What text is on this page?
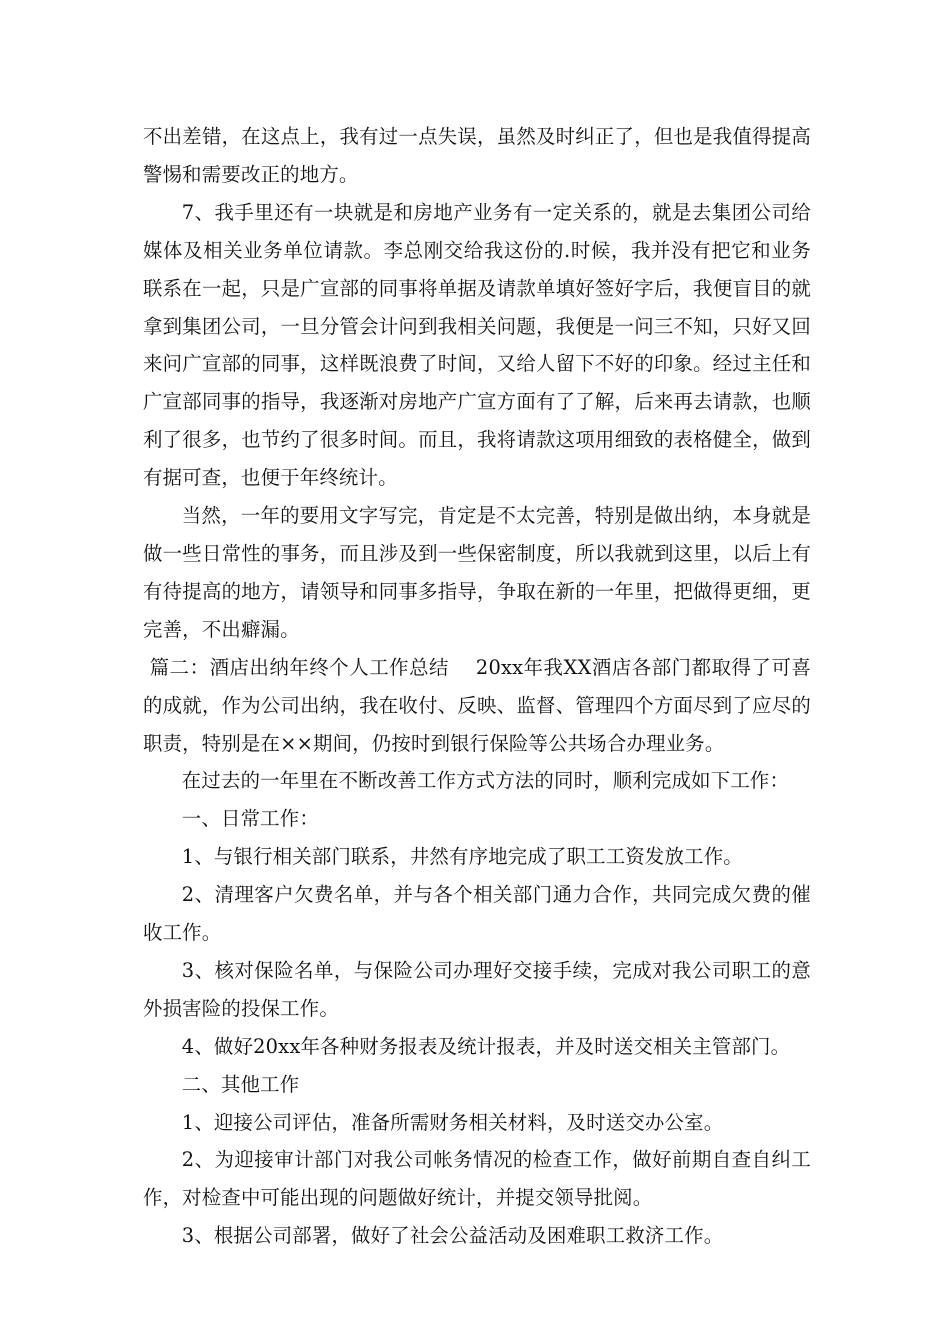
不出差错，在这点上，我有过一点失误，虽然及时纠正了，但也是我值得提高警惕和需要改正的地方。

7、我手里还有一块就是和房地产业务有一定关系的，就是去集团公司给媒体及相关业务单位请款。李总刚交给我这份的.时候，我并没有把它和业务联系在一起，只是广宣部的同事将单据及请款单填好签好字后，我便盲目的就拿到集团公司，一旦分管会计问到我相关问题，我便是一问三不知，只好又回来问广宣部的同事，这样既浪费了时间，又给人留下不好的印象。经过主任和广宣部同事的指导，我逐渐对房地产广宣方面有了了解，后来再去请款，也顺利了很多，也节约了很多时间。而且，我将请款这项用细致的表格健全，做到有据可查，也便于年终统计。

当然，一年的要用文字写完，肯定是不太完善，特别是做出纳，本身就是做一些日常性的事务，而且涉及到一些保密制度，所以我就到这里，以后上有有待提高的地方，请领导和同事多指导，争取在新的一年里，把做得更细，更完善，不出癖漏。

篇二：酒店出纳年终个人工作总结    20xx年我XX酒店各部门都取得了可喜的成就，作为公司出纳，我在收付、反映、监督、管理四个方面尽到了应尽的职责，特别是在××期间，仍按时到银行保险等公共场合办理业务。

在过去的一年里在不断改善工作方式方法的同时，顺利完成如下工作：

一、日常工作：

1、与银行相关部门联系，井然有序地完成了职工工资发放工作。

2、清理客户欠费名单，并与各个相关部门通力合作，共同完成欠费的催收工作。

3、核对保险名单，与保险公司办理好交接手续，完成对我公司职工的意外损害险的投保工作。

4、做好20xx年各种财务报表及统计报表，并及时送交相关主管部门。

二、其他工作

1、迎接公司评估，准备所需财务相关材料，及时送交办公室。

2、为迎接审计部门对我公司帐务情况的检查工作，做好前期自查自纠工作，对检查中可能出现的问题做好统计，并提交领导批阅。

3、根据公司部署，做好了社会公益活动及困难职工救济工作。
